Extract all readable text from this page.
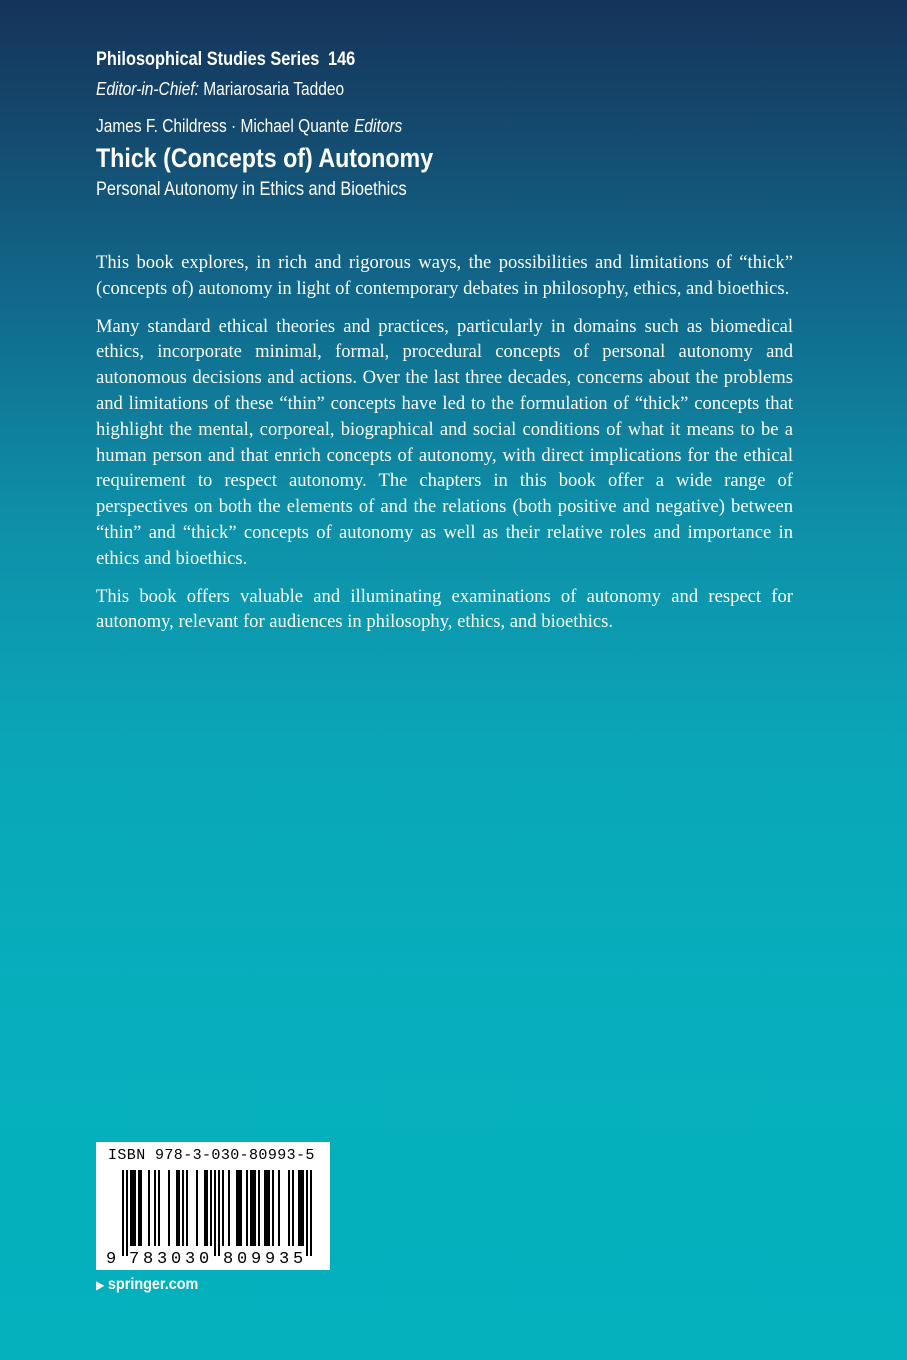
Philosophical Studies Series 146
Editor-in-Chief: Mariarosaria Taddeo
James F. Childress · Michael Quante Editors
Thick (Concepts of) Autonomy
Personal Autonomy in Ethics and Bioethics

This book explores, in rich and rigorous ways, the possibilities and limitations of “thick” (concepts of) autonomy in light of contemporary debates in philosophy, ethics, and bioethics.

Many standard ethical theories and practices, particularly in domains such as biomedical ethics, incorporate minimal, formal, procedural concepts of personal autonomy and autonomous decisions and actions. Over the last three decades, concerns about the problems and limitations of these “thin” concepts have led to the formulation of “thick” concepts that highlight the mental, corporeal, biographical and social conditions of what it means to be a human person and that enrich concepts of autonomy, with direct implications for the ethical requirement to respect autonomy. The chapters in this book offer a wide range of perspectives on both the elements of and the relations (both positive and negative) between “thin” and “thick” concepts of autonomy as well as their relative roles and importance in ethics and bioethics.

This book offers valuable and illuminating examinations of autonomy and respect for autonomy, relevant for audiences in philosophy, ethics, and bioethics.

9 7 8 3 0 3 0 8 0 9 9 3 5
ISBN 978-3-030-80993-5
▶ springer.com
